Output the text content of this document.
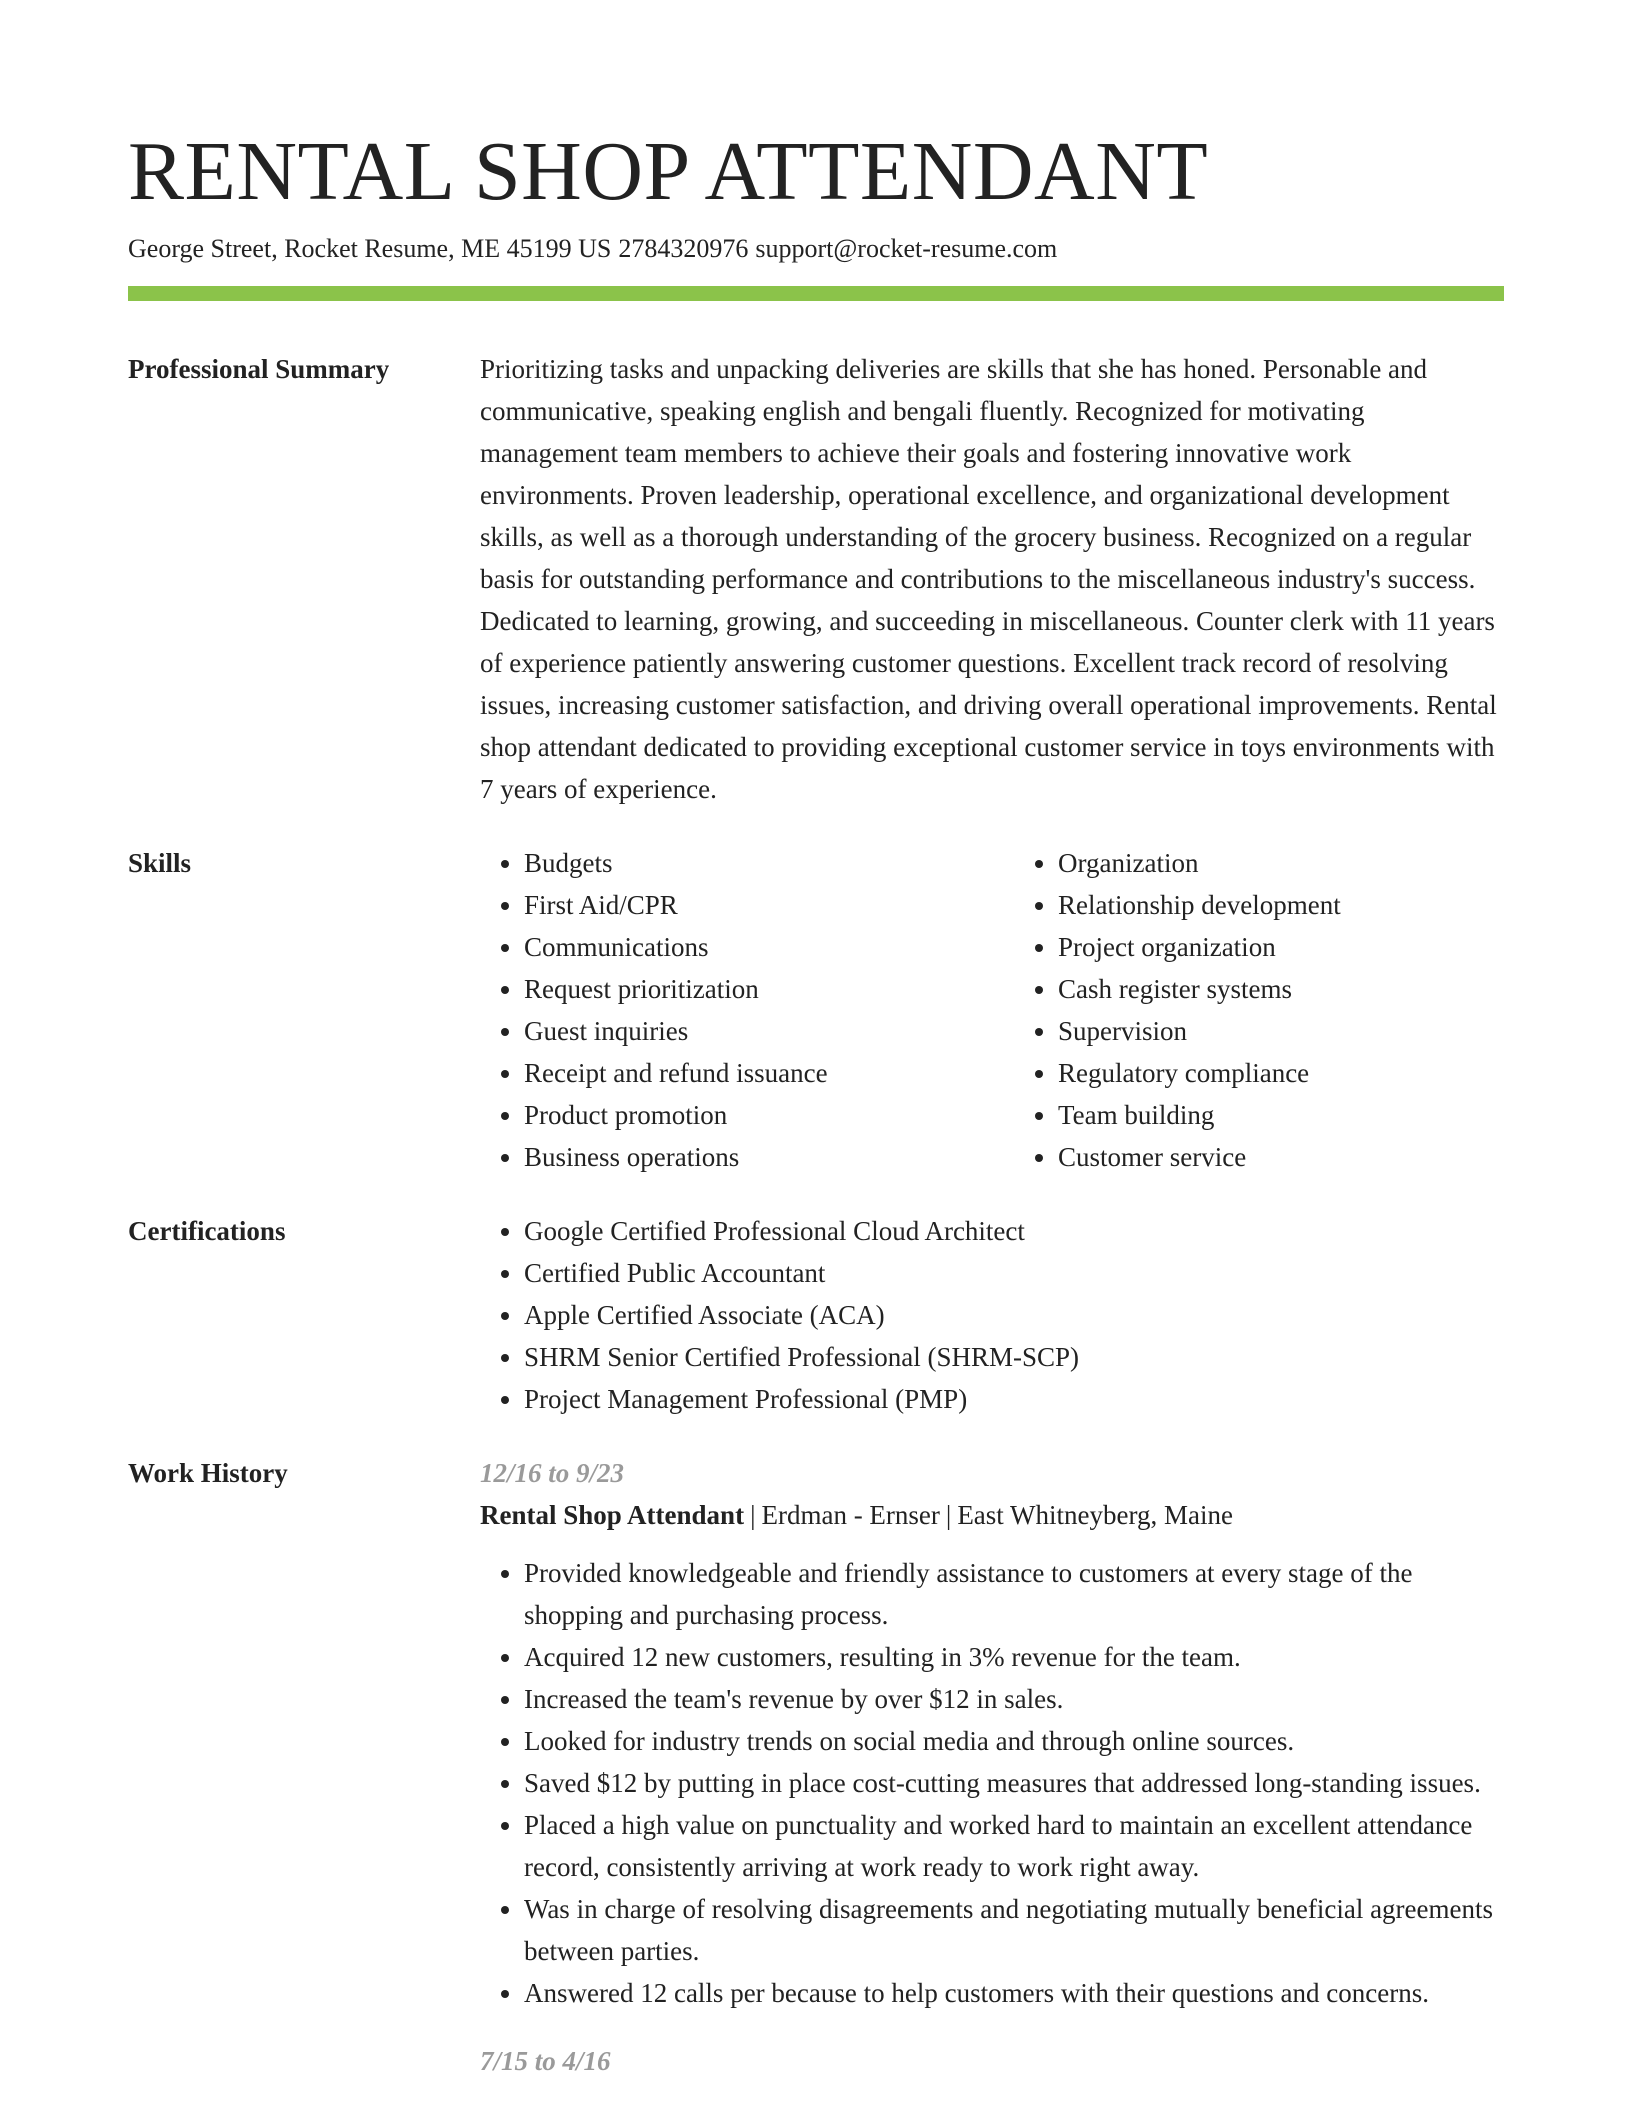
RENTAL SHOP ATTENDANT
George Street, Rocket Resume, ME 45199 US 2784320976 support@rocket-resume.com
Professional Summary	Prioritizing tasks and unpacking deliveries are skills that she has honed. Personable and communicative, speaking english and bengali fluently. Recognized for motivating management team members to achieve their goals and fostering innovative work environments. Proven leadership, operational excellence, and organizational development skills, as well as a thorough understanding of the grocery business. Recognized on a regular basis for outstanding performance and contributions to the miscellaneous industry's success. Dedicated to learning, growing, and succeeding in miscellaneous. Counter clerk with 11 years of experience patiently answering customer questions. Excellent track record of resolving issues, increasing customer satisfaction, and driving overall operational improvements. Rental shop attendant dedicated to providing exceptional customer service in toys environments with 7 years of experience.

Skills	• Budgets
• First Aid/CPR
• Communications
• Request prioritization
• Guest inquiries
• Receipt and refund issuance
• Product promotion
• Business operations
• Organization
• Relationship development
• Project organization
• Cash register systems
• Supervision
• Regulatory compliance
• Team building
• Customer service
Certifications	• Google Certified Professional Cloud Architect
• Certified Public Accountant
• Apple Certified Associate (ACA)
• SHRM Senior Certified Professional (SHRM-SCP)
• Project Management Professional (PMP)
Work History	12/16 to 9/23
Rental Shop Attendant | Erdman - Ernser | East Whitneyberg, Maine
• Provided knowledgeable and friendly assistance to customers at every stage of the shopping and purchasing process.
• Acquired 12 new customers, resulting in 3% revenue for the team.
• Increased the team's revenue by over $12 in sales.
• Looked for industry trends on social media and through online sources.
• Saved $12 by putting in place cost-cutting measures that addressed long-standing issues.
• Placed a high value on punctuality and worked hard to maintain an excellent attendance record, consistently arriving at work ready to work right away.
• Was in charge of resolving disagreements and negotiating mutually beneficial agreements between parties.
• Answered 12 calls per because to help customers with their questions and concerns.
7/15 to 4/16
